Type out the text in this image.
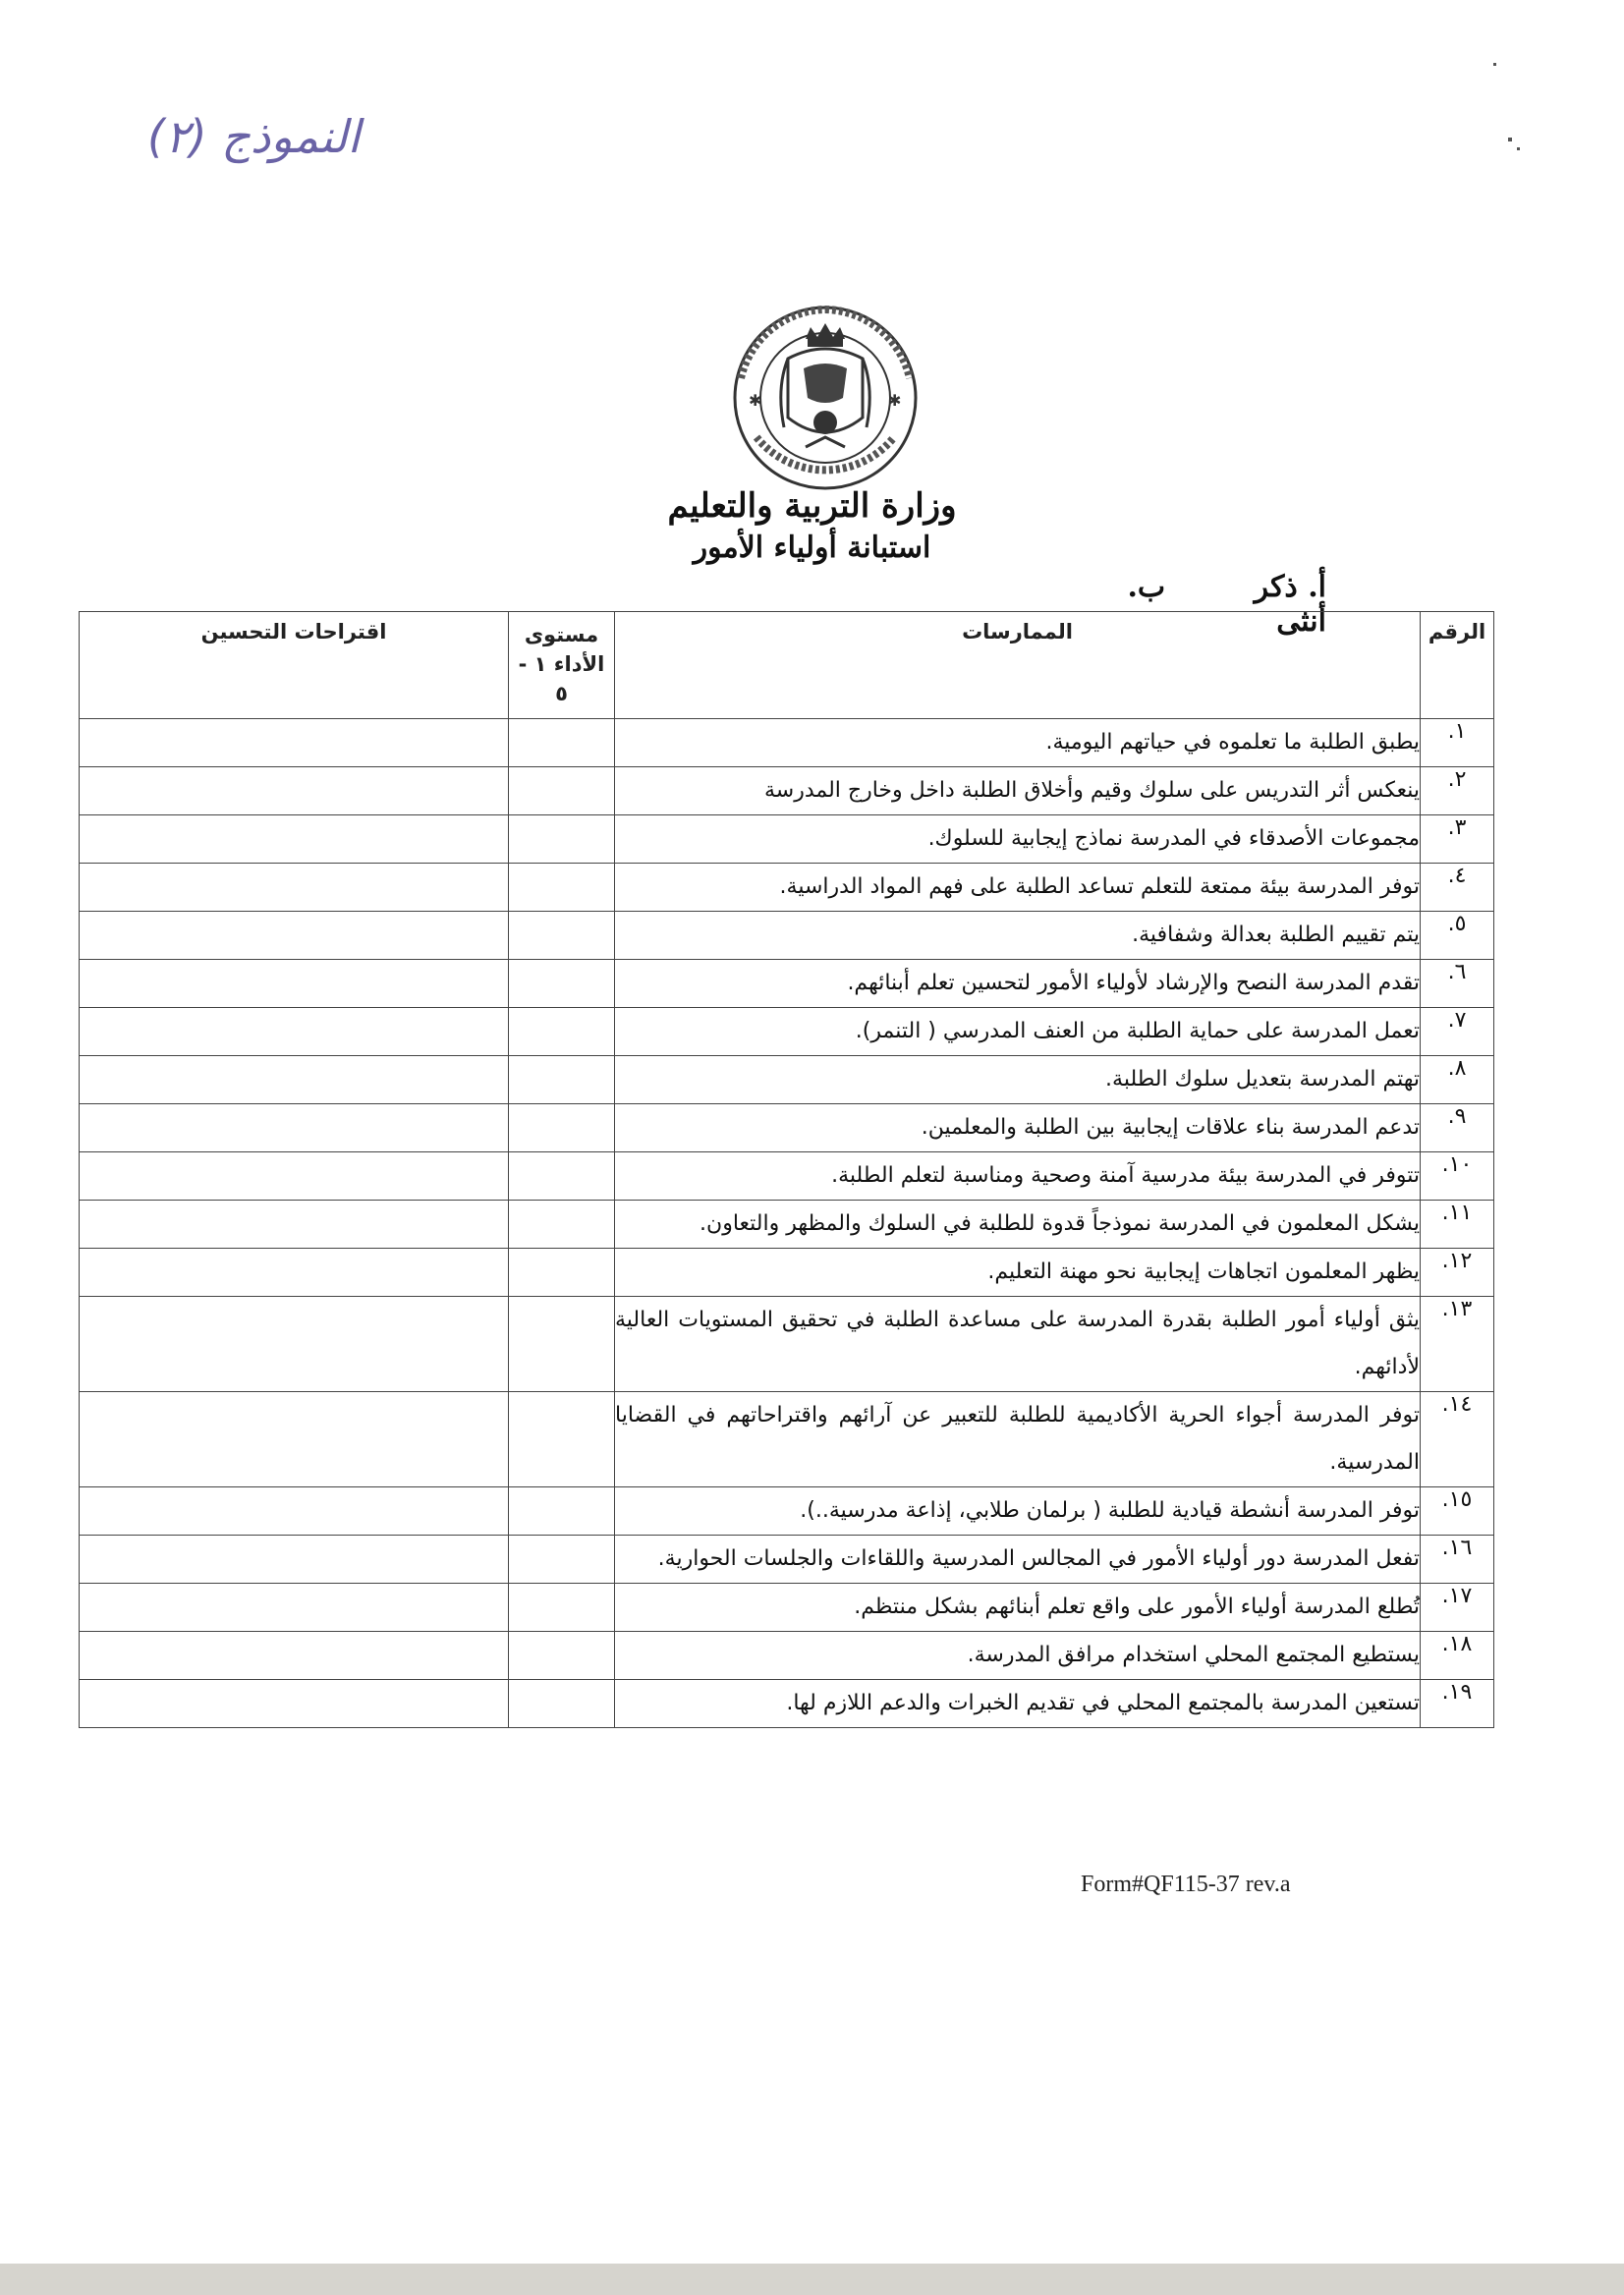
النموذج (٢)
✱	✱
وزارة التربية والتعليم
استبانة أولياء الأمور
أ. ذكر ب. أنثى	الرقم	الممارسات	مستوى الأداء ١ - ٥	اقتراحات التحسين
١.	يطبق الطلبة ما تعلموه في حياتهم اليومية.		
٢.	ينعكس أثر التدريس على سلوك وقيم وأخلاق الطلبة داخل وخارج المدرسة		
٣.	مجموعات الأصدقاء في المدرسة نماذج إيجابية للسلوك.		
٤.	توفر المدرسة بيئة ممتعة للتعلم تساعد الطلبة على فهم المواد الدراسية.		
٥.	يتم تقييم الطلبة بعدالة وشفافية.		
٦.	تقدم المدرسة النصح والإرشاد لأولياء الأمور لتحسين تعلم أبنائهم.		
٧.	تعمل المدرسة على حماية الطلبة من العنف المدرسي ( التنمر).		
٨.	تهتم المدرسة بتعديل سلوك الطلبة.		
٩.	تدعم المدرسة بناء علاقات إيجابية بين الطلبة والمعلمين.		
١٠.	تتوفر في المدرسة بيئة مدرسية آمنة وصحية ومناسبة لتعلم الطلبة.		
١١.	يشكل المعلمون في المدرسة نموذجاً قدوة للطلبة في السلوك والمظهر والتعاون.		
١٢.	يظهر المعلمون اتجاهات إيجابية نحو مهنة التعليم.		
١٣.	يثق أولياء أمور الطلبة بقدرة المدرسة على مساعدة الطلبة في تحقيق المستويات العالية لأدائهم.		
١٤.	توفر المدرسة أجواء الحرية الأكاديمية للطلبة للتعبير عن آرائهم واقتراحاتهم في القضايا المدرسية.		
١٥.	توفر المدرسة أنشطة قيادية للطلبة ( برلمان طلابي، إذاعة مدرسية..).		
١٦.	تفعل المدرسة دور أولياء الأمور في المجالس المدرسية واللقاءات والجلسات الحوارية.		
١٧.	تُطلع المدرسة أولياء الأمور على واقع تعلم أبنائهم بشكل منتظم.		
١٨.	يستطيع المجتمع المحلي استخدام مرافق المدرسة.		
١٩.	تستعين المدرسة بالمجتمع المحلي في تقديم الخبرات والدعم اللازم لها.		
Form#QF115-37 rev.a
